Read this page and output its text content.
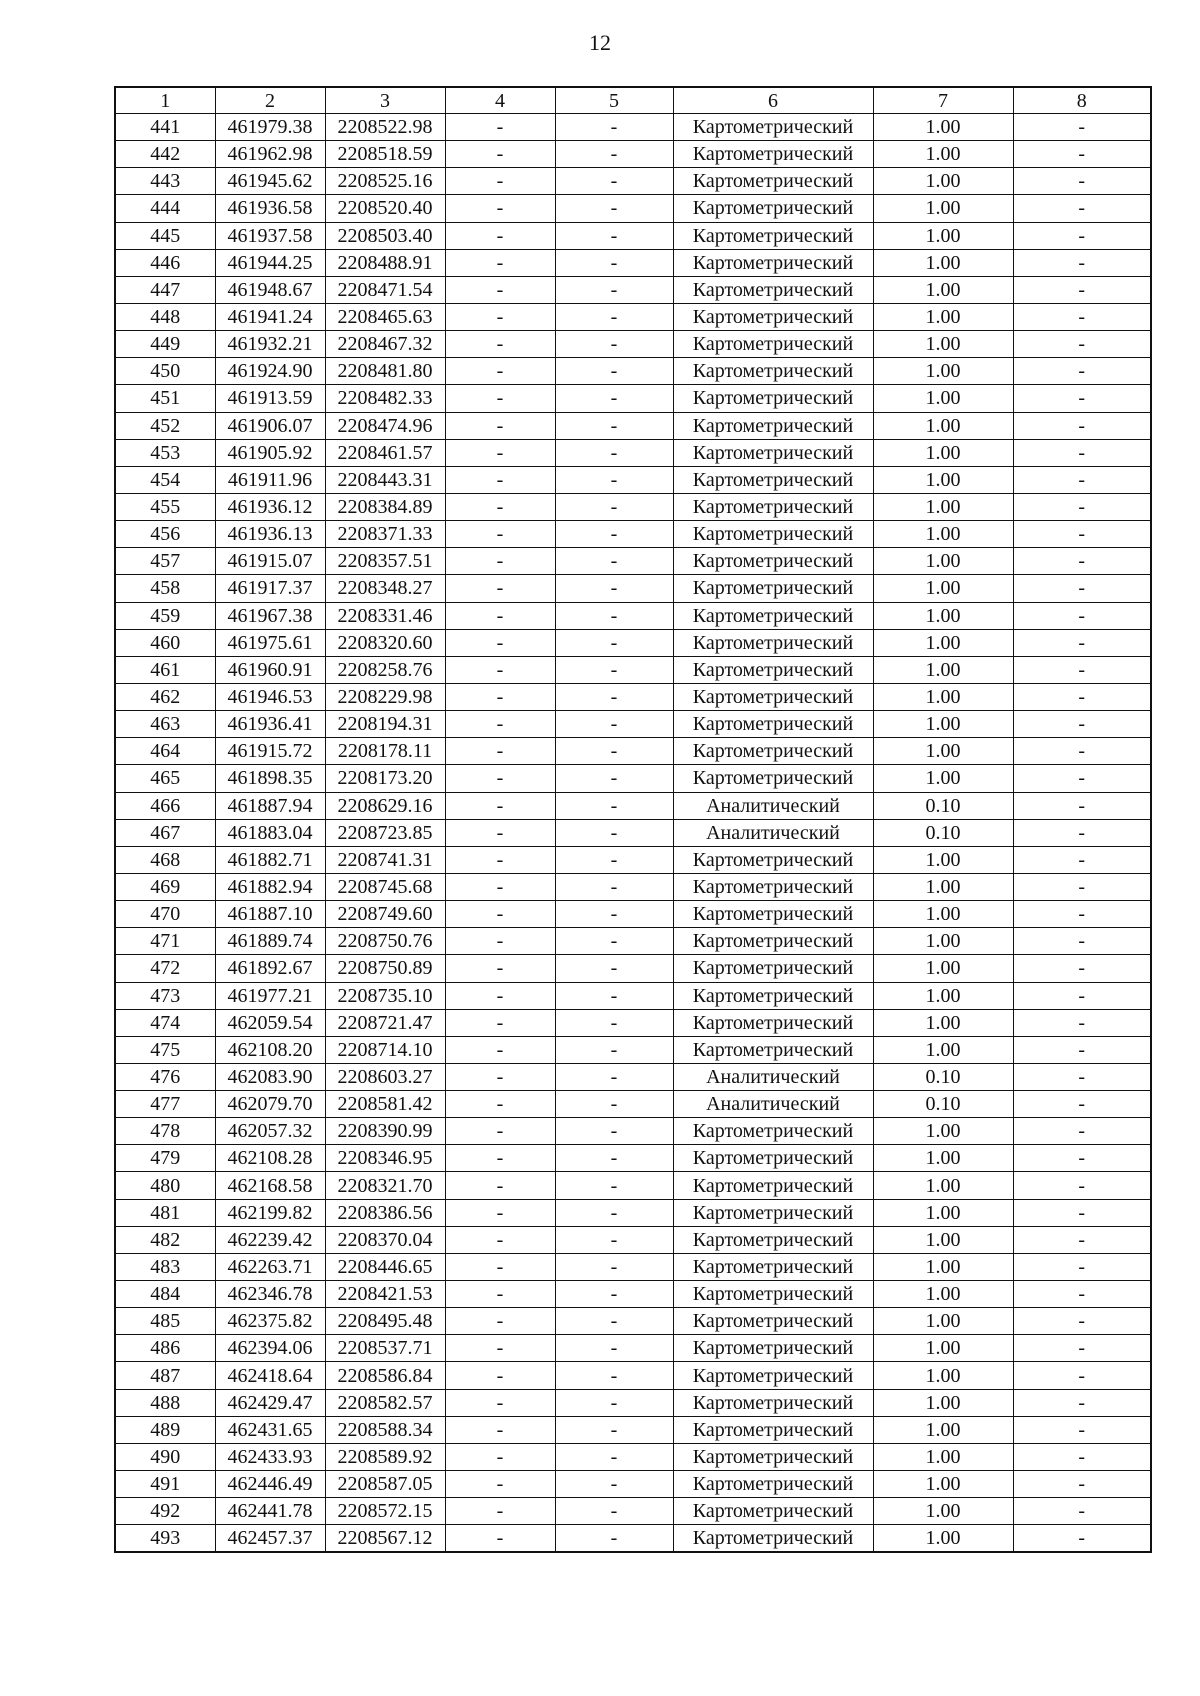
12
1	2	3	4	5	6	7	8
441	461979.38	2208522.98	-	-	Картометрический	1.00	-
442	461962.98	2208518.59	-	-	Картометрический	1.00	-
443	461945.62	2208525.16	-	-	Картометрический	1.00	-
444	461936.58	2208520.40	-	-	Картометрический	1.00	-
445	461937.58	2208503.40	-	-	Картометрический	1.00	-
446	461944.25	2208488.91	-	-	Картометрический	1.00	-
447	461948.67	2208471.54	-	-	Картометрический	1.00	-
448	461941.24	2208465.63	-	-	Картометрический	1.00	-
449	461932.21	2208467.32	-	-	Картометрический	1.00	-
450	461924.90	2208481.80	-	-	Картометрический	1.00	-
451	461913.59	2208482.33	-	-	Картометрический	1.00	-
452	461906.07	2208474.96	-	-	Картометрический	1.00	-
453	461905.92	2208461.57	-	-	Картометрический	1.00	-
454	461911.96	2208443.31	-	-	Картометрический	1.00	-
455	461936.12	2208384.89	-	-	Картометрический	1.00	-
456	461936.13	2208371.33	-	-	Картометрический	1.00	-
457	461915.07	2208357.51	-	-	Картометрический	1.00	-
458	461917.37	2208348.27	-	-	Картометрический	1.00	-
459	461967.38	2208331.46	-	-	Картометрический	1.00	-
460	461975.61	2208320.60	-	-	Картометрический	1.00	-
461	461960.91	2208258.76	-	-	Картометрический	1.00	-
462	461946.53	2208229.98	-	-	Картометрический	1.00	-
463	461936.41	2208194.31	-	-	Картометрический	1.00	-
464	461915.72	2208178.11	-	-	Картометрический	1.00	-
465	461898.35	2208173.20	-	-	Картометрический	1.00	-
466	461887.94	2208629.16	-	-	Аналитический	0.10	-
467	461883.04	2208723.85	-	-	Аналитический	0.10	-
468	461882.71	2208741.31	-	-	Картометрический	1.00	-
469	461882.94	2208745.68	-	-	Картометрический	1.00	-
470	461887.10	2208749.60	-	-	Картометрический	1.00	-
471	461889.74	2208750.76	-	-	Картометрический	1.00	-
472	461892.67	2208750.89	-	-	Картометрический	1.00	-
473	461977.21	2208735.10	-	-	Картометрический	1.00	-
474	462059.54	2208721.47	-	-	Картометрический	1.00	-
475	462108.20	2208714.10	-	-	Картометрический	1.00	-
476	462083.90	2208603.27	-	-	Аналитический	0.10	-
477	462079.70	2208581.42	-	-	Аналитический	0.10	-
478	462057.32	2208390.99	-	-	Картометрический	1.00	-
479	462108.28	2208346.95	-	-	Картометрический	1.00	-
480	462168.58	2208321.70	-	-	Картометрический	1.00	-
481	462199.82	2208386.56	-	-	Картометрический	1.00	-
482	462239.42	2208370.04	-	-	Картометрический	1.00	-
483	462263.71	2208446.65	-	-	Картометрический	1.00	-
484	462346.78	2208421.53	-	-	Картометрический	1.00	-
485	462375.82	2208495.48	-	-	Картометрический	1.00	-
486	462394.06	2208537.71	-	-	Картометрический	1.00	-
487	462418.64	2208586.84	-	-	Картометрический	1.00	-
488	462429.47	2208582.57	-	-	Картометрический	1.00	-
489	462431.65	2208588.34	-	-	Картометрический	1.00	-
490	462433.93	2208589.92	-	-	Картометрический	1.00	-
491	462446.49	2208587.05	-	-	Картометрический	1.00	-
492	462441.78	2208572.15	-	-	Картометрический	1.00	-
493	462457.37	2208567.12	-	-	Картометрический	1.00	-
